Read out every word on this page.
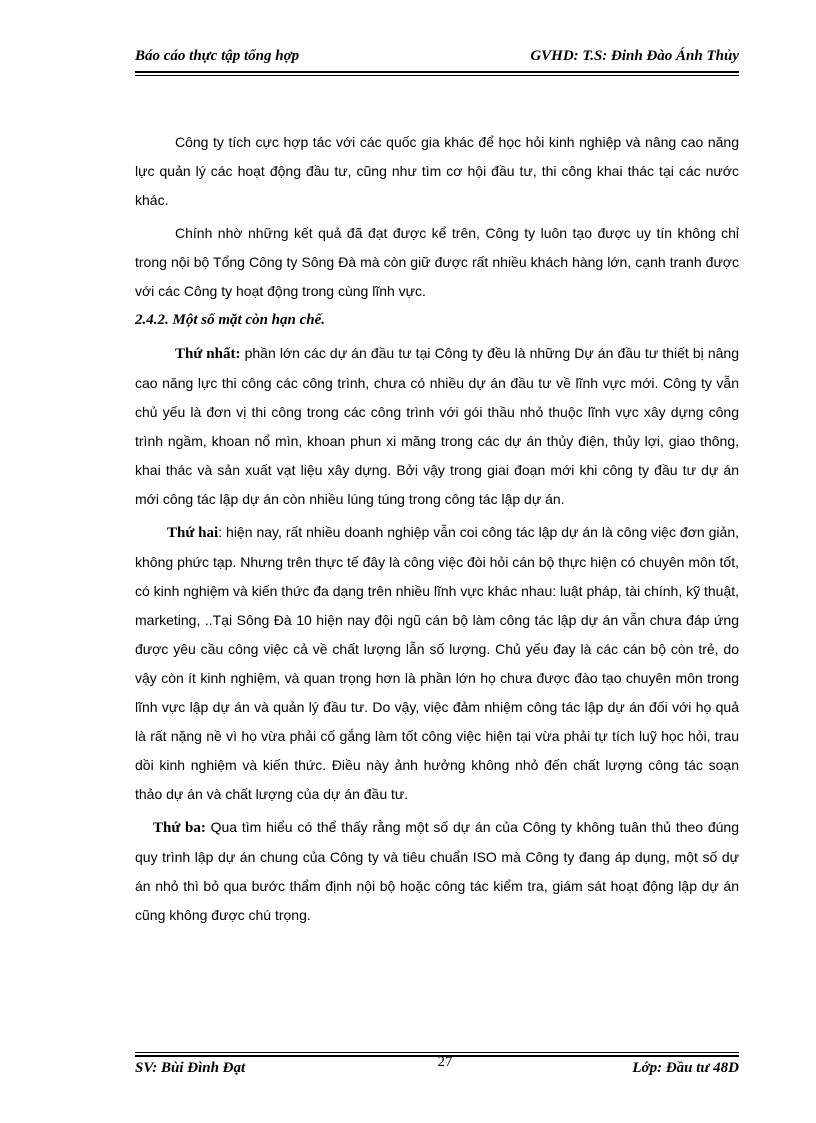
Báo cáo thực tập tổng hợp	GVHD: T.S: Đinh Đào Ánh Thủy

Công ty tích cực hợp tác với các quốc gia khác để học hỏi kinh nghiệp và nâng cao năng lực quản lý các hoạt động đầu tư, cũng như tìm cơ hội đầu tư, thi công khai thác tại các nước khác.

Chính nhờ những kết quả đã đạt được kể trên, Công ty luôn tạo được uy tín không chỉ trong nội bộ Tổng Công ty Sông Đà mà còn giữ được rất nhiều khách hàng lớn, cạnh tranh được với các Công ty hoạt động trong cùng lĩnh vực.

2.4.2. Một số mặt còn hạn chế.

Thứ nhất: phần lớn các dự án đầu tư tại Công ty đều là những Dự án đầu tư thiết bị nâng cao năng lực thi công các công trình, chưa có nhiều dự án đầu tư về lĩnh vực mới. Công ty vẫn chủ yếu là đơn vị thi công trong các công trình với gói thầu nhỏ thuộc lĩnh vực xây dựng công trình ngầm, khoan nổ mìn, khoan phun xi măng trong các dự án thủy điện, thủy lợi, giao thông, khai thác và sản xuất vạt liệu xây dựng. Bởi vậy trong giai đoạn mới khi công ty đầu tư dự án mới công tác lập dự án còn nhiều lúng túng trong công tác lập dự án.

Thứ hai: hiện nay, rất nhiều doanh nghiệp vẫn coi công tác lập dự án là công việc đơn giản, không phức tạp. Nhưng trên thực tế đây là công việc đòi hỏi cán bộ thực hiện có chuyên môn tốt, có kinh nghiệm và kiến thức đa dạng trên nhiều lĩnh vực khác nhau: luật pháp, tài chính, kỹ thuật, marketing, ..Tại Sông Đà 10 hiện nay đội ngũ cán bộ làm công tác lập dự án vẫn chưa đáp ứng được yêu cầu công việc cả về chất lượng lẫn số lượng. Chủ yếu đay là các cán bộ còn trẻ, do vậy còn ít kinh nghiệm, và quan trọng hơn là phần lớn họ chưa được đào tạo chuyên môn trong lĩnh vực lập dự án và quản lý đầu tư. Do vậy, việc đảm nhiệm công tác lập dự án đối với họ quả là rất nặng nề vì họ vừa phải cố gắng làm tốt công việc hiện tại vừa phải tự tích luỹ học hỏi, trau dồi kinh nghiệm và kiến thức. Điều này ảnh hưởng không nhỏ đến chất lượng công tác soạn thảo dự án và chất lượng của dự án đầu tư.

Thứ ba: Qua tìm hiểu có thể thấy rằng một số dự án của Công ty không tuân thủ theo đúng quy trình lập dự án chung của Công ty và tiêu chuẩn ISO mà Công ty đang áp dụng, một số dự án nhỏ thì bỏ qua bước thẩm định nội bộ hoặc công tác kiểm tra, giám sát hoạt động lập dự án cũng không được chú trọng.

SV: Bùi Đình Đạt	27	Lớp: Đầu tư 48D
